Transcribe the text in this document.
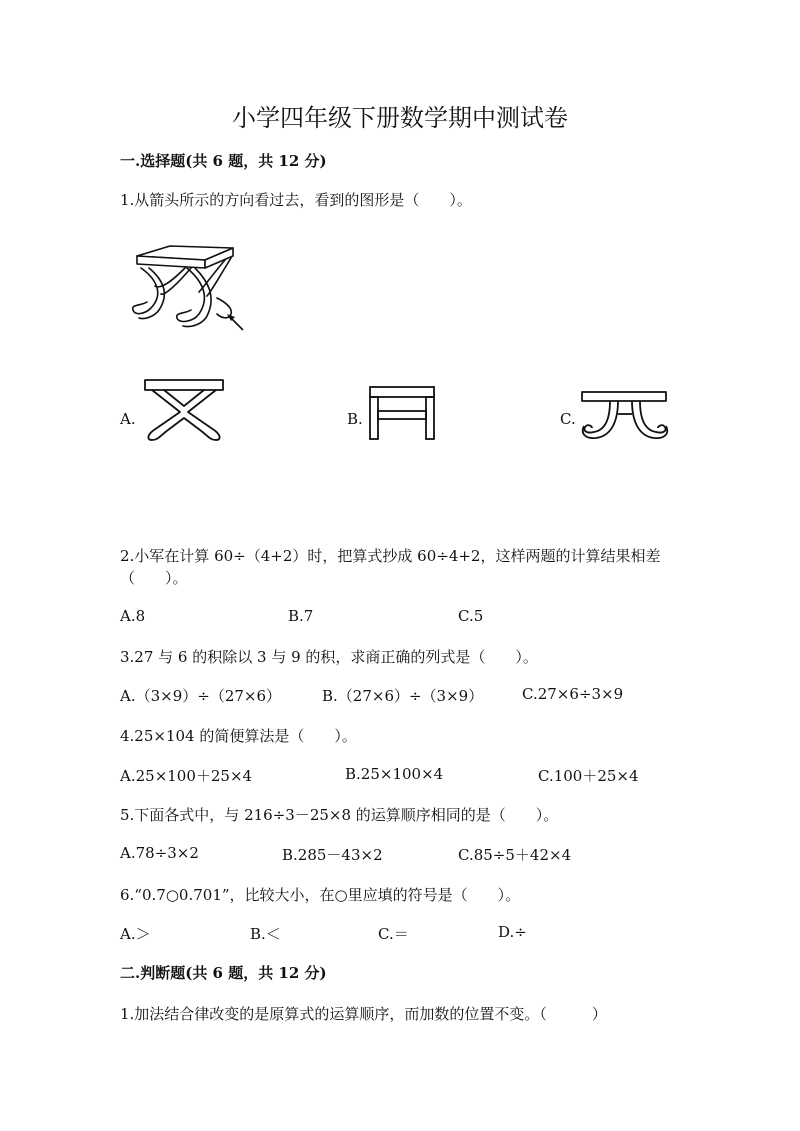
小学四年级下册数学期中测试卷
一.选择题(共 6 题，共 12 分)
1.从箭头所示的方向看过去，看到的图形是（　　）。
A.	B.	C.
2.小军在计算 60÷（4+2）时，把算式抄成 60÷4+2，这样两题的计算结果相差
（　　）。
A.8	B.7	C.5
3.27 与 6 的积除以 3 与 9 的积，求商正确的列式是（　　）。
A.（3×9）÷（27×6）	B.（27×6）÷（3×9）	C.27×6÷3×9
4.25×104 的简便算法是（　　）。
A.25×100＋25×4	B.25×100×4	C.100＋25×4
5.下面各式中，与 216÷3－25×8 的运算顺序相同的是（　　）。
A.78÷3×2	B.285－43×2	C.85÷5＋42×4
6.“0.7○0.701”，比较大小，在○里应填的符号是（　　）。
A.＞	B.＜	C.＝	D.÷
二.判断题(共 6 题，共 12 分)
1.加法结合律改变的是原算式的运算顺序，而加数的位置不变。（　　　）
